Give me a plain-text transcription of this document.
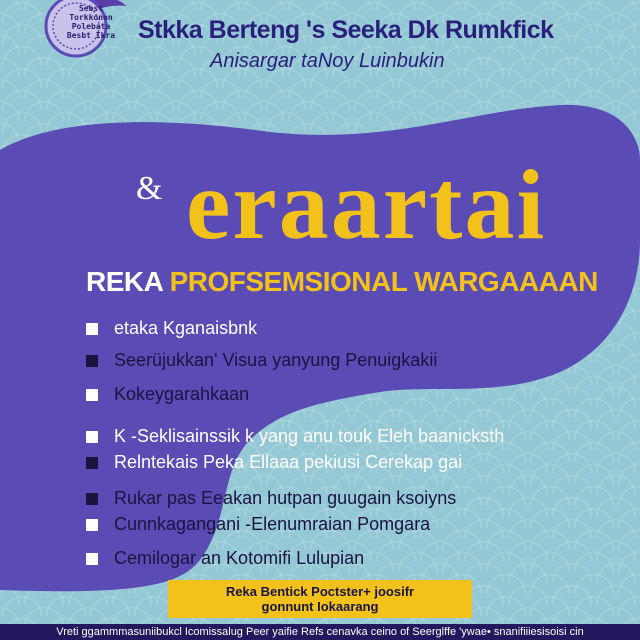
Sebst
Torkkonon
Polebata
Besbt Ikra Stkka Berteng 's Seeka Dk Rumkfick
Anisargar taNoy Luinbukin
& eraartai
REKA PROFSEMSIONAL WARGAAAAN
etaka Kganaisbnk
Seerüjukkan' Visua yanyung Penuigkakii
Kokeygarahkaan
K -Seklisainssik k yang anu touk Eleh baanicksth
Relntekais Peka Ellaaa pekiusi Cerekap gai
Rukar pas Eeakan hutpan guugain ksoiyns
Cunnkagangani -Elenumraian Pomgara
Cemilogar an Kotomifi Lulupian
Reka Bentick Poctster+ joosifr
gonnunt Iokaarang
Vreti ggammmasuniibukcl Icomissalug Peer yaifie Refs cenavka ceino of Seerglffe 'ywae• snanifiiiesisoisi cin
